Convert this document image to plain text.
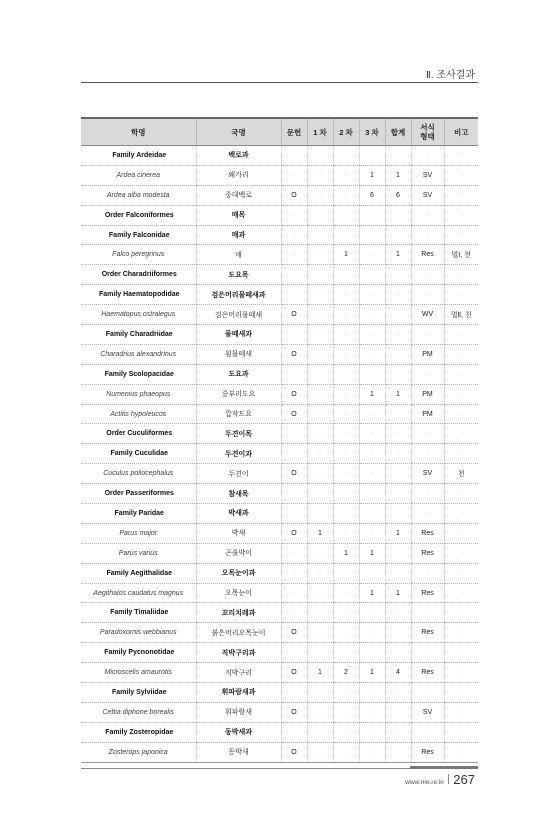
Ⅱ. 조사결과
학명	국명	문헌	1 차	2 차	3 차	합계	서식
형태	비고
Family Ardeidae	백로과						·	·
Ardea cinerea	왜가리	·	·	·	1	1	SV	·
Ardea alba modesta	중대백로	O	·	·	6	6	SV	·
Order Falconiformes	매목	·					·	·
Family Falconidae	매과	·					·	·
Falco peregrinus	매	·	·	1	·	1	Res	멸Ⅰ, 천
Order Charadriiformes	도요목						·	·
Family Haematopodidae	검은머리물떼새과		·	·	·	·	·	·
Haematopus ostralegus	검은머리물떼새	O	·	·	·		WV	멸Ⅱ, 천
Family Charadriidae	물떼새과		·	·	·	·	·	·
Charadrius alexandrinus	흰물떼새	O	·	·	·		PM	·
Family Scolopacidae	도요과						·	·
Numenius phaeopus	중부리도요	O	·	·	1	1	PM	·
Actitis hypoleucos	깝작도요	O	·	·	·		PM	·
Order Cuculiformes	두견이목		·	·	·	·	·	·
Family Cuculidae	두견이과		·	·	·	·	·	·
Cuculus poliocephalus	두견이	O	·	·	·		SV	천
Order Passeriformes	참새목						·	·
Family Paridae	박새과						·	·
Parus major	박새	O	1	·	·	1	Res	·
Parus varius	곤줄박이	·	·	1	1		Res	·
Family Aegithalidae	오목눈이과	·	·				·	·
Aegithalos caudatus magnus	오목눈이	·	·	·	1	1	Res	·
Family Timaliidae	꼬리치레과	·	·	·	·	·	·	·
Paradoxornis webbianus	붉은머리오목눈이	O	·	·	·		Res	·
Family Pycnonotidae	직박구리과						·	·
Microscelis amaurotis	직박구리	O	1	2	1	4	Res	·
Family Sylviidae	휘파람새과		·	·	·	·	·	·
Cettia diphone borealis	휘파람새	O	·	·	·		SV	·
Family Zosteropidae	동박새과		·	·	·	·	·	·
Zosterops japonica	동박새	O	·	·	·		Res	·
www.nie.re.kr 267
